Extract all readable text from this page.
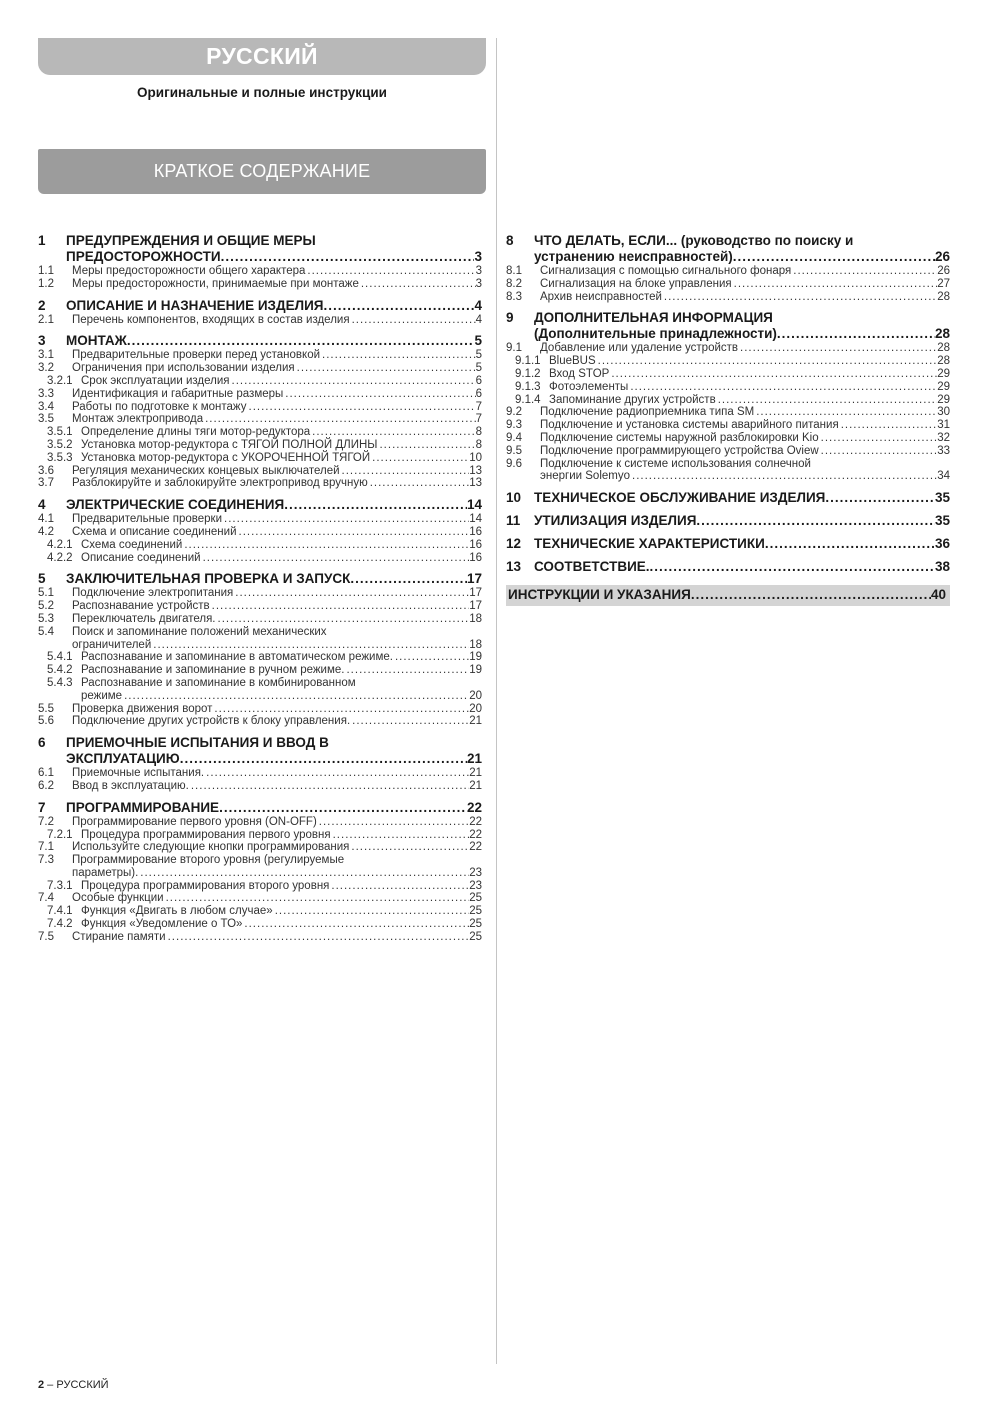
РУССКИЙ
Оригинальные и полные инструкции
КРАТКОЕ СОДЕРЖАНИЕ
1 ПРЕДУПРЕЖДЕНИЯ И ОБЩИЕ МЕРЫ
ПРЕДОСТОРОЖНОСТИ .....	3
1.1	Меры предосторожности общего характера .....	3
1.2	Меры предосторожности, принимаемые при монтаже .....	3
2 ОПИСАНИЕ И НАЗНАЧЕНИЕ ИЗДЕЛИЯ .....	4
2.1	Перечень компонентов, входящих в состав изделия .....	4
3 МОНТАЖ .....	5
3.1	Предварительные проверки перед установкой .....	5
3.2	Ограничения при использовании изделия .....	5
3.2.1 Срок эксплуатации изделия .....	6
3.3	Идентификация и габаритные размеры .....	6
3.4	Работы по подготовке к монтажу .....	7
3.5	Монтаж электропривода .....	7
3.5.1 Определение длины тяги мотор-редуктора .....	8
3.5.2 Установка мотор-редуктора с ТЯГОЙ ПОЛНОЙ ДЛИНЫ .....	8
3.5.3 Установка мотор-редуктора с УКОРОЧЕННОЙ ТЯГОЙ .....	10
3.6	Регуляция механических концевых выключателей .....	13
3.7	Разблокируйте и заблокируйте электропривод вручную .....	13
4 ЭЛЕКТРИЧЕСКИЕ СОЕДИНЕНИЯ .....	14
4.1	Предварительные проверки .....	14
4.2	Схема и описание соединений .....	16
4.2.1 Схема соединений .....	16
4.2.2 Описание соединений .....	16
5 ЗАКЛЮЧИТЕЛЬНАЯ ПРОВЕРКА И ЗАПУСК .....	17
5.1	Подключение электропитания .....	17
5.2	Распознавание устройств .....	17
5.3	Переключатель двигателя. .....	18
5.4	Поиск и запоминание положений механических
ограничителей .....	18
5.4.1 Распознавание и запоминание в автоматическом режиме. .....	19
5.4.2 Распознавание и запоминание в ручном режиме. .....	19
5.4.3 Распознавание и запоминание в комбинированном
режиме .....	20
5.5	Проверка движения ворот .....	20
5.6	Подключение других устройств к блоку управления. .....	21
6 ПРИЕМОЧНЫЕ ИСПЫТАНИЯ И ВВОД В
ЭКСПЛУАТАЦИЮ .....	21
6.1	Приемочные испытания. .....	21
6.2	Ввод в эксплуатацию. .....	21
7 ПРОГРАММИРОВАНИЕ .....	22
7.2	Программирование первого уровня (ON-OFF) .....	22
7.2.1 Процедура программирования первого уровня .....	22
7.1	Используйте следующие кнопки программирования .....	22
7.3	Программирование второго уровня (регулируемые
параметры). .....	23
7.3.1 Процедура программирования второго уровня .....	23
7.4	Особые функции .....	25
7.4.1 Функция «Двигать в любом случае» .....	25
7.4.2 Функция «Уведомление о ТО» .....	25
7.5	Стирание памяти .....	25
8 ЧТО ДЕЛАТЬ, ЕСЛИ... (руководство по поиску и
устранению неисправностей) .....	26
8.1	Сигнализация с помощью сигнального фонаря .....	26
8.2	Сигнализация на блоке управления .....	27
8.3	Архив неисправностей .....	28
9 ДОПОЛНИТЕЛЬНАЯ ИНФОРМАЦИЯ
(Дополнительные принадлежности) .....	28
9.1	Добавление или удаление устройств .....	28
9.1.1 BlueBUS .....	28
9.1.2 Вход STOP .....	29
9.1.3 Фотоэлементы .....	29
9.1.4 Запоминание других устройств .....	29
9.2	Подключение радиоприемника типа SM .....	30
9.3	Подключение и установка системы аварийного питания .....	31
9.4	Подключение системы наружной разблокировки Kio .....	32
9.5	Подключение программирующего устройства Oview .....	33
9.6	Подключение к системе использования солнечной
энергии Solemyo .....	34
10 ТЕХНИЧЕСКОЕ ОБСЛУЖИВАНИЕ ИЗДЕЛИЯ .....	35
11 УТИЛИЗАЦИЯ ИЗДЕЛИЯ .....	35
12 ТЕХНИЧЕСКИЕ ХАРАКТЕРИСТИКИ .....	36
13 СООТВЕТСТВИЕ. .....	38
ИНСТРУКЦИИ И УКАЗАНИЯ .....	40
2 – РУССКИЙ
